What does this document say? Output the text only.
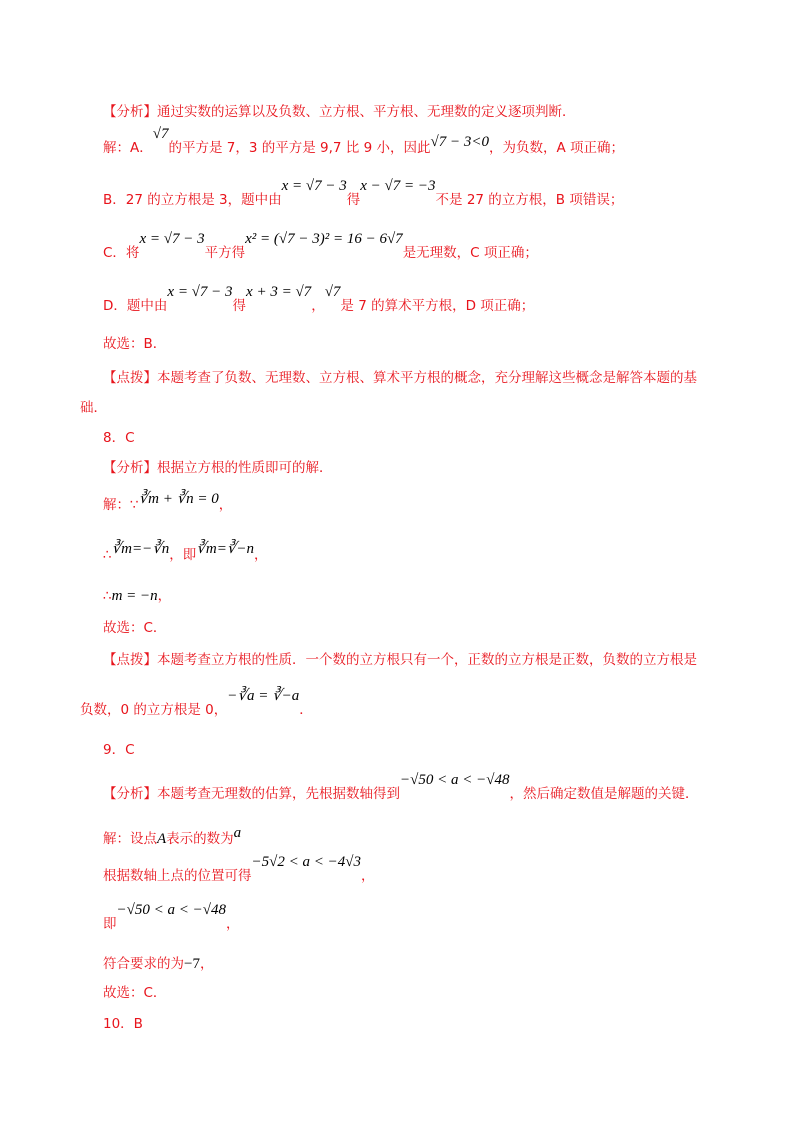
【分析】通过实数的运算以及负数、立方根、平方根、无理数的定义逐项判断．
解：A．√7的平方是 7，3 的平方是 9,7 比 9 小，因此√7 − 3<0，为负数，A 项正确；
B．27 的立方根是 3，题中由x = √7 − 3得x − √7 = −3不是 27 的立方根，B 项错误；
C．将x = √7 − 3平方得x² = (√7 − 3)² = 16 − 6√7是无理数，C 项正确；
D．题中由x = √7 − 3得x + 3 = √7，√7是 7 的算术平方根，D 项正确；
故选：B．
【点拨】本题考查了负数、无理数、立方根、算术平方根的概念，充分理解这些概念是解答本题的基
础．
8．C
【分析】根据立方根的性质即可的解．
解：∵∛m + ∛n = 0，
∴∛m=−∛n，即∛m=∛−n，
∴m = −n，
故选：C．
【点拨】本题考查立方根的性质．一个数的立方根只有一个，正数的立方根是正数，负数的立方根是
负数，0 的立方根是 0，−∛a = ∛−a．
9．C
【分析】本题考查无理数的估算，先根据数轴得到−√50 < a < −√48，然后确定数值是解题的关键．
解：设点A表示的数为a
根据数轴上点的位置可得−5√2 < a < −4√3，
即−√50 < a < −√48，
符合要求的为−7，
故选：C．
10．B
